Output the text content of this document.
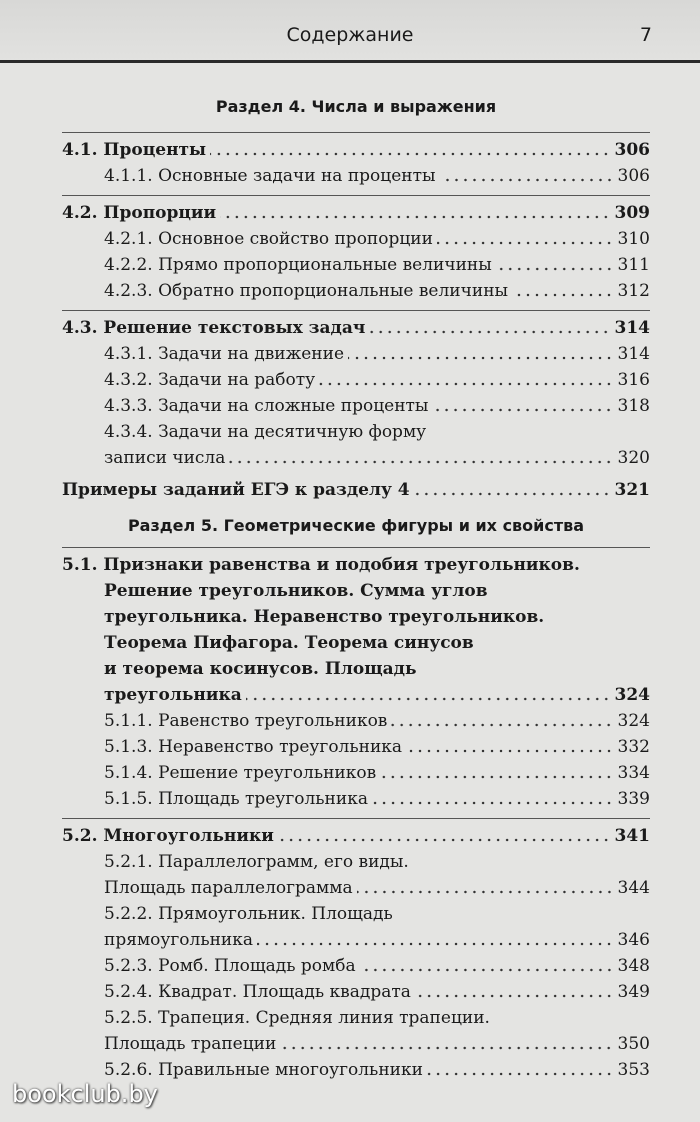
Содержание	7
Раздел 4. Числа и выражения
4.1. Проценты	306
4.1.1. Основные задачи на проценты	306
4.2. Пропорции	309
4.2.1. Основное свойство пропорции	310
4.2.2. Прямо пропорциональные величины	311
4.2.3. Обратно пропорциональные величины	312
4.3. Решение текстовых задач	314
4.3.1. Задачи на движение	314
4.3.2. Задачи на работу	316
4.3.3. Задачи на сложные проценты	318
4.3.4. Задачи на десятичную форму
записи числа	320
Примеры заданий ЕГЭ к разделу 4	321
Раздел 5. Геометрические фигуры и их свойства
5.1. Признаки равенства и подобия треугольников.
Решение треугольников. Сумма углов
треугольника. Неравенство треугольников.
Теорема Пифагора. Теорема синусов
и теорема косинусов. Площадь
треугольника	324
5.1.1. Равенство треугольников	324
5.1.3. Неравенство треугольника	332
5.1.4. Решение треугольников	334
5.1.5. Площадь треугольника	339
5.2. Многоугольники	341
5.2.1. Параллелограмм, его виды.
Площадь параллелограмма	344
5.2.2. Прямоугольник. Площадь
прямоугольника	346
5.2.3. Ромб. Площадь ромба	348
5.2.4. Квадрат. Площадь квадрата	349
5.2.5. Трапеция. Средняя линия трапеции.
Площадь трапеции	350
5.2.6. Правильные многоугольники	353
bookclub.by
